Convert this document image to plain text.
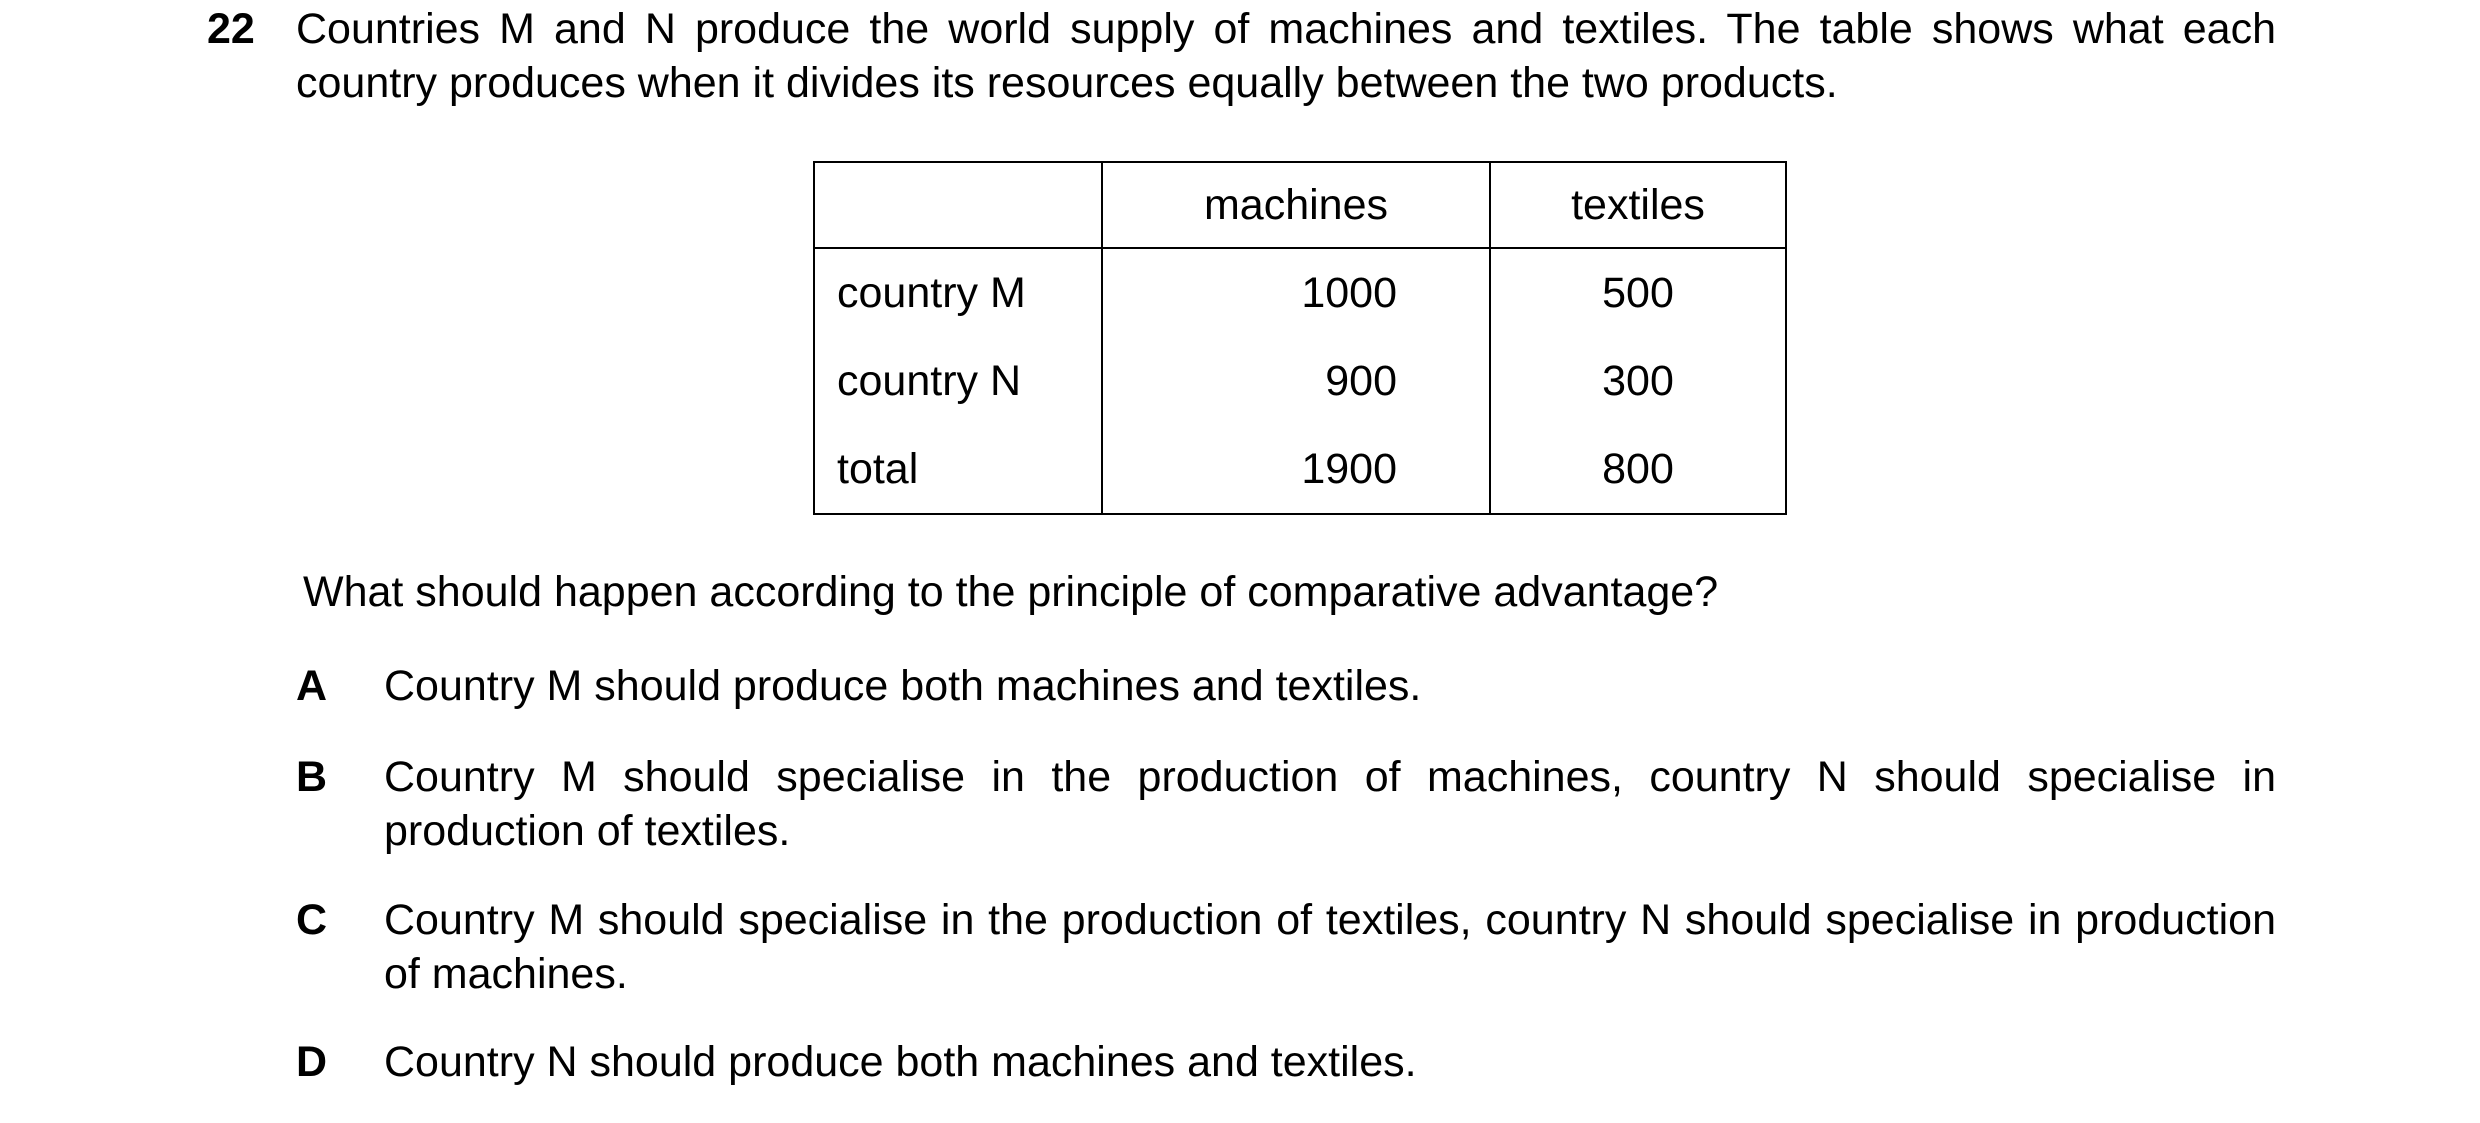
22 Countries M and N produce the world supply of machines and textiles. The table shows what each country produces when it divides its resources equally between the two products.
	machines	textiles
country M	1000	500
country N	900	300
total	1900	800
What should happen according to the principle of comparative advantage?
A Country M should produce both machines and textiles.
B Country M should specialise in the production of machines, country N should specialise in production of textiles.
C Country M should specialise in the production of textiles, country N should specialise in production of machines.
D Country N should produce both machines and textiles.
